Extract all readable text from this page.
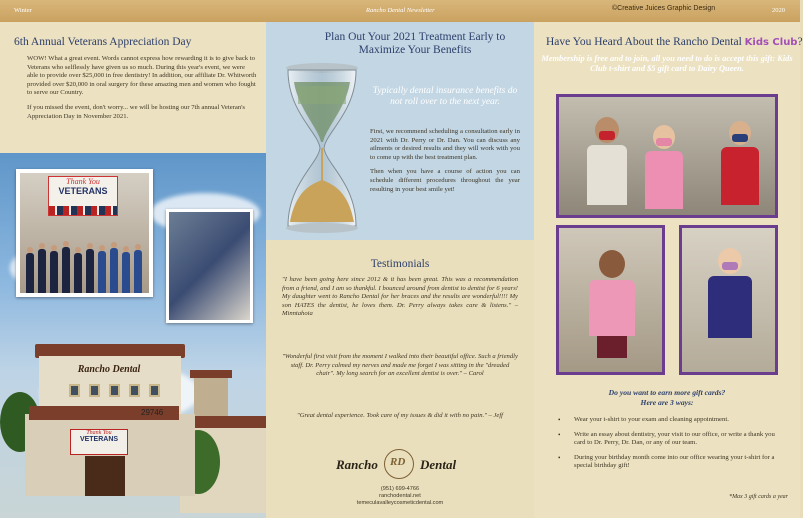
Winter	Rancho Dental Newsletter	©Creative Juices Graphic Design	2020
6th Annual Veterans Appreciation Day

WOW! What a great event. Words cannot express how rewarding it is to give back to Veterans who selflessly have given us so much. During this year's event, we were able to provide over $25,000 in free dentistry! In addition, our affiliate Dr. Whitworth provided over $20,000 in oral surgery for these amazing men and women who fought to serve our Country.

If you missed the event, don't worry... we will be hosting our 7th annual Veteran's Appreciation Day in November 2021.

Thank You
VETERANS
Rancho Dental
29746
Thank You
VETERANS
Plan Out Your 2021 Treatment Early to Maximize Your Benefits
Typically dental insurance benefits do not roll over to the next year.

First, we recommend scheduling a consultation early in 2021 with Dr. Perry or Dr. Dan. You can discuss any ailments or desired results and they will work with you to come up with the best treatment plan.

Then when you have a course of action you can schedule different procedures throughout the year resulting in your best smile yet!

Testimonials
"I have been going here since 2012 & it has been great. This was a recommendation from a friend, and I am so thankful. I bounced around from dentist to dentist for 6 years! My daughter went to Rancho Dental for her braces and the results are wonderful!!!! My son HATES the dentist, he loves them. Dr. Perry always takes care & listens." – Minntahoia
"Wonderful first visit from the moment I walked into their beautiful office. Such a friendly staff. Dr. Perry calmed my nerves and made me forget I was sitting in the "dreaded chair". My long search for an excellent dentist is over." – Carol
"Great dental experience. Took care of my issues & did it with no pain." – Jeff
Rancho RD Dental
(951) 699-4766
ranchodental.net
temeculavalleycosmeticdental.com
Have You Heard About the Rancho Dental Kids Club?
Membership is free and to join, all you need to do is accept this gift: Kids Club t-shirt and $5 gift card to Dairy Queen.
Do you want to earn more gift cards?
Here are 3 ways:
• Wear your t-shirt to your exam and cleaning appointment.
• Write an essay about dentistry, your visit to our office, or write a thank you card to Dr. Perry, Dr. Dan, or any of our team.
• During your birthday month come into our office wearing your t-shirt for a special birthday gift!
*Max 3 gift cards a year
